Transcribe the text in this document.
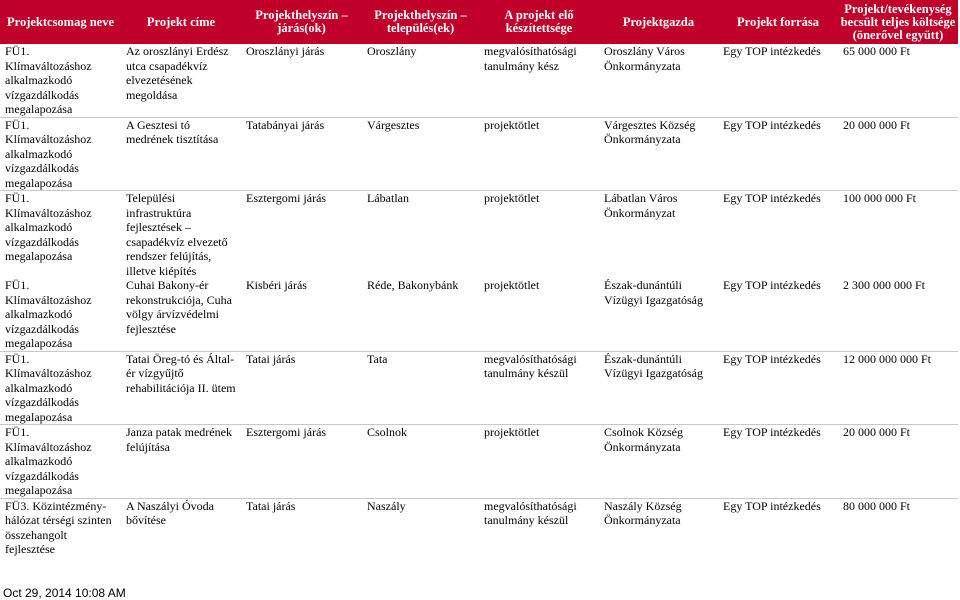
Projektcsomag neve	Projekt címe	Projekthelyszín – járás(ok)	Projekthelyszín – település(ek)	A projekt elő készítettsége	Projektgazda	Projekt forrása	Projekt/tevékenység becsült teljes költsége (önerővel együtt)
FÜ1. Klímaváltozáshoz alkalmazkodó vízgazdálkodás megalapozása	Az oroszlányi Erdész utca csapadékvíz elvezetésének megoldása	Oroszlányi járás	Oroszlány	megvalósíthatósági tanulmány kész	Oroszlány Város Önkormányzata	Egy TOP intézkedés	65 000 000 Ft

FÜ1. Klímaváltozáshoz alkalmazkodó vízgazdálkodás megalapozása	A Gesztesi tó medrének tisztítása	Tatabányai járás	Várgesztes	projektötlet	Várgesztes Község Önkormányzata	Egy TOP intézkedés	20 000 000 Ft

FÜ1. Klímaváltozáshoz alkalmazkodó vízgazdálkodás megalapozása	Települési infrastruktúra fejlesztések – csapadékvíz elvezető rendszer felújítás, illetve kiépítés	Esztergomi járás	Lábatlan	projektötlet	Lábatlan Város Önkormányzat	Egy TOP intézkedés	100 000 000 Ft
FÜ1. Klímaváltozáshoz alkalmazkodó vízgazdálkodás megalapozása	Cuhai Bakony-ér rekonstrukciója, Cuha völgy árvízvédelmi fejlesztése	Kisbéri járás	Réde, Bakonybánk	projektötlet	Észak-dunántúli Vízügyi Igazgatóság	Egy TOP intézkedés	2 300 000 000 Ft

FÜ1. Klímaváltozáshoz alkalmazkodó vízgazdálkodás megalapozása	Tatai Öreg-tó és Által-ér vízgyűjtő rehabilitációja II. ütem	Tatai járás	Tata	megvalósíthatósági tanulmány készül	Észak-dunántúli Vízügyi Igazgatóság	Egy TOP intézkedés	12 000 000 000 Ft

FÜ1. Klímaváltozáshoz alkalmazkodó vízgazdálkodás megalapozása	Janza patak medrének felújítása	Esztergomi járás	Csolnok	projektötlet	Csolnok Község Önkormányzata	Egy TOP intézkedés	20 000 000 Ft

FÜ3. Közintézmény-hálózat térségi szinten összehangolt fejlesztése	A Naszályi Óvoda bővítése	Tatai járás	Naszály	megvalósíthatósági tanulmány készül	Naszály Község Önkormányzata	Egy TOP intézkedés	80 000 000 Ft
Oct 29, 2014 10:08 AM
